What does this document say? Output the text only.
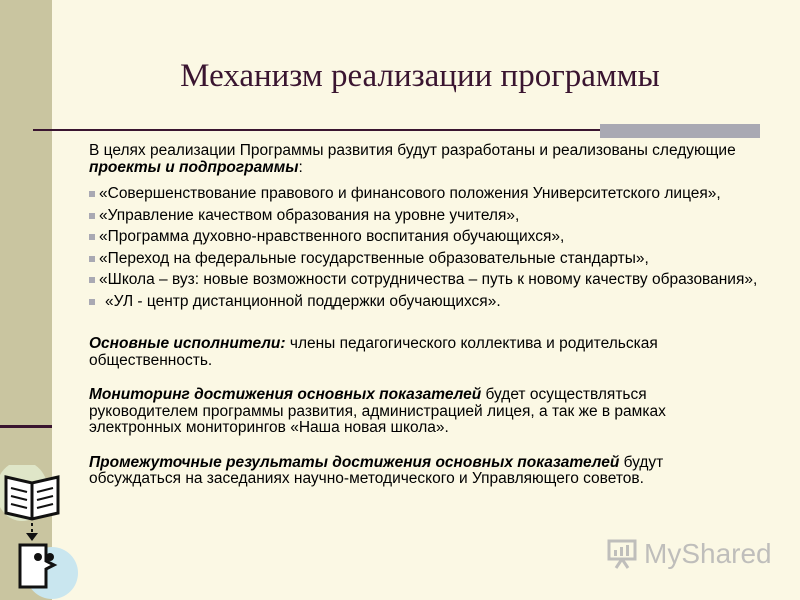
Механизм реализации программы

В целях реализации Программы развития будут разработаны и реализованы следующие проекты и подпрограммы:

«Совершенствование правового и финансового положения Университетского лицея»,
«Управление качеством образования на уровне учителя»,
«Программа духовно-нравственного воспитания обучающихся»,
«Переход на федеральные государственные образовательные стандарты»,
«Школа – вуз: новые возможности сотрудничества – путь к новому качеству образования»,
«УЛ - центр дистанционной поддержки обучающихся».

Основные исполнители: члены педагогического коллектива и родительская общественность.

Мониторинг достижения основных показателей будет осуществляться руководителем программы развития, администрацией лицея, а так же в рамках электронных мониторингов «Наша новая школа».

Промежуточные результаты достижения основных показателей будут обсуждаться на заседаниях научно-методического и Управляющего советов.

MyShared
